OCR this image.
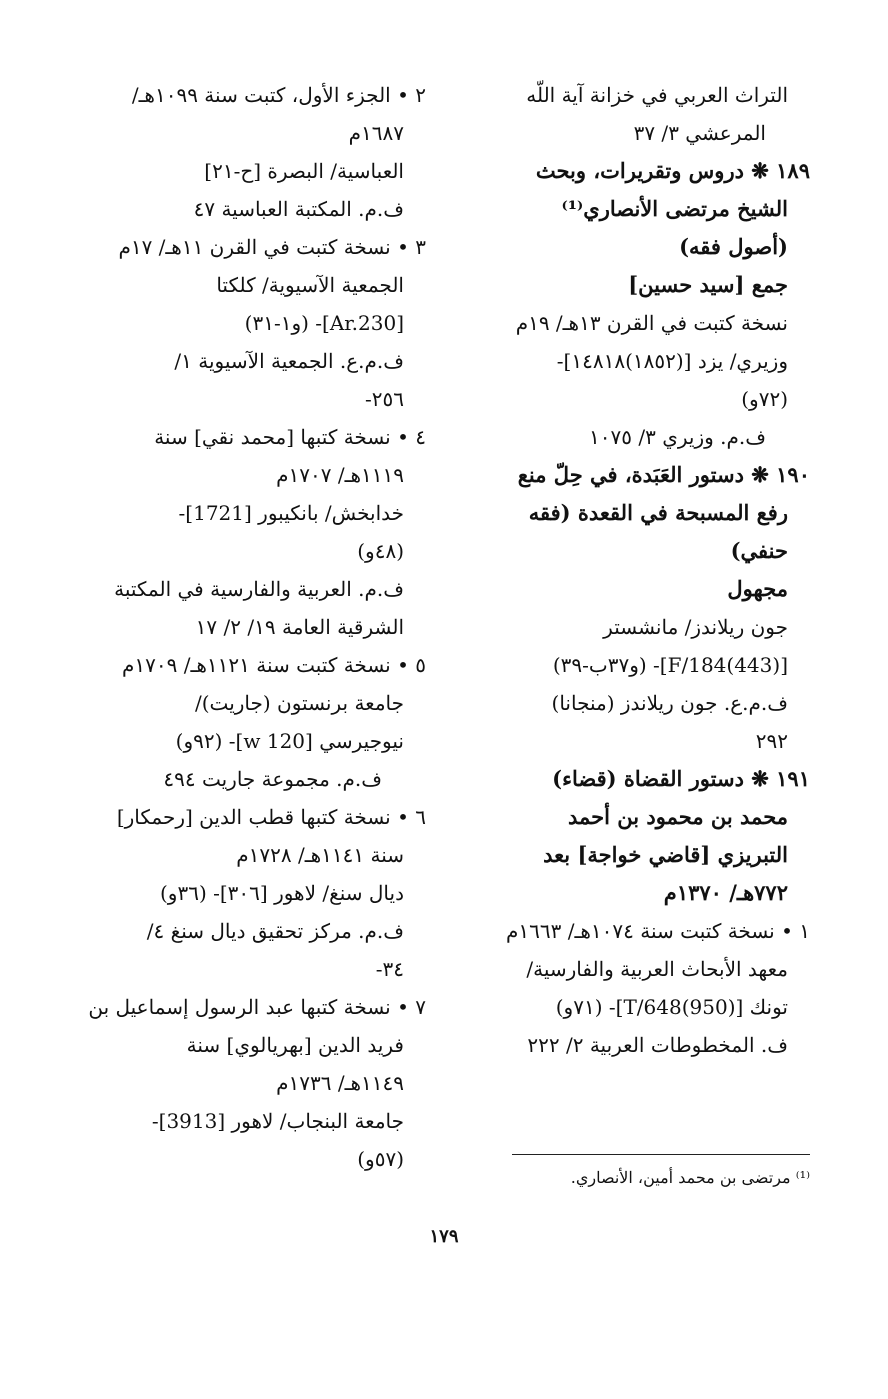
التراث العربي في خزانة آية اللّه
المرعشي ٣/ ٣٧
١٨٩ ❋ دروس وتقريرات، وبحث
الشيخ مرتضى الأنصاري⁽¹⁾
(أصول فقه)
جمع [سيد حسين]
نسخة كتبت في القرن ١٣هـ/ ١٩م
وزيري/ يزد [(١٨٥٢)١٤٨١٨]-
(٧٢و)
ف.م. وزيري ٣/ ١٠٧٥
١٩٠ ❋ دستور العَبَدة، في حِلّ منع
رفع المسبحة في القعدة (فقه
حنفي)
مجهول
جون ريلاندز/ مانشستر
[F/184(443)]- (و٣٧ب-٣٩)
ف.م.ع. جون ريلاندز (منجانا)
٢٩٢
١٩١ ❋ دستور القضاة (قضاء)
محمد بن محمود بن أحمد
التبريزي [قاضي خواجة] بعد
٧٧٢هـ/ ١٣٧٠م
١ • نسخة كتبت سنة ١٠٧٤هـ/ ١٦٦٣م
معهد الأبحاث العربية والفارسية/
تونك [(950)T/648]- (٧١و)
ف. المخطوطات العربية ٢/ ٢٢٢
٢ • الجزء الأول، كتبت سنة ١٠٩٩هـ/
١٦٨٧م
العباسية/ البصرة [ح-٢١]
ف.م. المكتبة العباسية ٤٧
٣ • نسخة كتبت في القرن ١١هـ/ ١٧م
الجمعية الآسيوية/ كلكتا
[Ar.230]- (و١-٣١)
ف.م.ع. الجمعية الآسيوية ١/
٢٥٦-
٤ • نسخة كتبها [محمد نقي] سنة
١١١٩هـ/ ١٧٠٧م
خدابخش/ بانكيبور [1721]-
(٤٨و)
ف.م. العربية والفارسية في المكتبة
الشرقية العامة ١٩/ ٢/ ١٧
٥ • نسخة كتبت سنة ١١٢١هـ/ ١٧٠٩م
جامعة برنستون (جاريت)/
نيوجيرسي [120 w]- (٩٢و)
ف.م. مجموعة جاريت ٤٩٤
٦ • نسخة كتبها قطب الدين [رحمكار]
سنة ١١٤١هـ/ ١٧٢٨م
ديال سنغ/ لاهور [٣٠٦]- (٣٦و)
ف.م. مركز تحقيق ديال سنغ ٤/
٣٤-
٧ • نسخة كتبها عبد الرسول إسماعيل بن
فريد الدين [بهريالوي] سنة
١١٤٩هـ/ ١٧٣٦م
جامعة البنجاب/ لاهور [3913]-
(٥٧و)
⁽¹⁾ مرتضى بن محمد أمين، الأنصاري.
١٧٩
